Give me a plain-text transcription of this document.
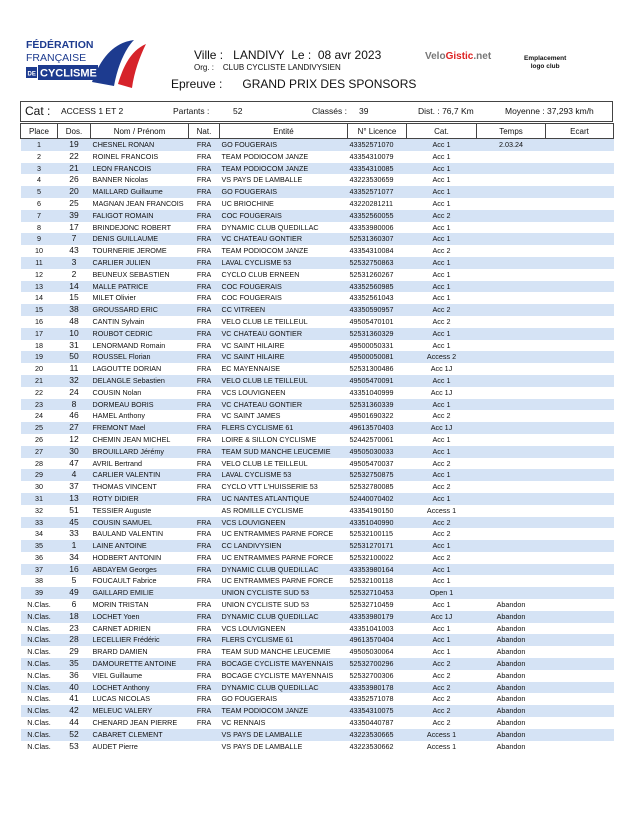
FÉDÉRATION
FRANÇAISE
DE CYCLISME
Ville : LANDIVY Le : 08 avr 2023
Org. : CLUB CYCLISTE LANDIVYSIEN
Epreuve : GRAND PRIX DES SPONSORS
VeloGistic.net	Emplacement
logo club
Cat : ACCESS 1 ET 2	Partants :	52	Classés : 39	Dist. : 76,7 Km	Moyenne : 37,293 km/h
Place	Dos.	Nom / Prénom	Nat.	Entité	N° Licence	Cat.	Temps	Ecart
1	19	CHESNEL RONAN	FRA	GO FOUGERAIS	43352571070	Acc 1	2.03.24	
2	22	ROINEL FRANCOIS	FRA	TEAM PODIOCOM JANZE	43354310079	Acc 1		
3	21	LEON FRANCOIS	FRA	TEAM PODIOCOM JANZE	43354310085	Acc 1		
4	26	BANNER Nicolas	FRA	VS PAYS DE LAMBALLE	43223530659	Acc 1		
5	20	MAILLARD Guillaume	FRA	GO FOUGERAIS	43352571077	Acc 1		
6	25	MAGNAN JEAN FRANCOIS	FRA	UC BRIOCHINE	43220281211	Acc 1		
7	39	FALIGOT ROMAIN	FRA	COC FOUGERAIS	43352560055	Acc 2		
8	17	BRINDEJONC ROBERT	FRA	DYNAMIC CLUB QUEDILLAC	43353980006	Acc 1		
9	7	DENIS GUILLAUME	FRA	VC CHATEAU GONTIER	52531360307	Acc 1		
10	43	TOURNERIE JEROME	FRA	TEAM PODIOCOM JANZE	43354310084	Acc 2		
11	3	CARLIER JULIEN	FRA	LAVAL CYCLISME 53	52532750863	Acc 1		
12	2	BEUNEUX SEBASTIEN	FRA	CYCLO CLUB ERNEEN	52531260267	Acc 1		
13	14	MALLE PATRICE	FRA	COC FOUGERAIS	43352560985	Acc 1		
14	15	MILET Olivier	FRA	COC FOUGERAIS	43352561043	Acc 1		
15	38	GROUSSARD ERIC	FRA	CC VITREEN	43350590957	Acc 2		
16	48	CANTIN Sylvain	FRA	VELO CLUB LE TEILLEUL	49505470101	Acc 2		
17	10	ROUBOT CEDRIC	FRA	VC CHATEAU GONTIER	52531360329	Acc 1		
18	31	LENORMAND Romain	FRA	VC SAINT HILAIRE	49500050331	Acc 1		
19	50	ROUSSEL Florian	FRA	VC SAINT HILAIRE	49500050081	Access 2		
20	11	LAGOUTTE DORIAN	FRA	EC MAYENNAISE	52531300486	Acc 1J		
21	32	DELANGLE Sebastien	FRA	VELO CLUB LE TEILLEUL	49505470091	Acc 1		
22	24	COUSIN Nolan	FRA	VCS LOUVIGNEEN	43351040999	Acc 1J		
23	8	DORMEAU BORIS	FRA	VC CHATEAU GONTIER	52531360339	Acc 1		
24	46	HAMEL Anthony	FRA	VC SAINT JAMES	49501690322	Acc 2		
25	27	FREMONT Mael	FRA	FLERS CYCLISME 61	49613570403	Acc 1J		
26	12	CHEMIN JEAN MICHEL	FRA	LOIRE & SILLON CYCLISME	52442570061	Acc 1		
27	30	BROUILLARD Jérémy	FRA	TEAM SUD MANCHE LEUCEMIE	49505030033	Acc 1		
28	47	AVRIL Bertrand	FRA	VELO CLUB LE TEILLEUL	49505470037	Acc 2		
29	4	CARLIER VALENTIN	FRA	LAVAL CYCLISME 53	52532750875	Acc 1		
30	37	THOMAS VINCENT	FRA	CYCLO VTT L'HUISSERIE 53	52532780085	Acc 2		
31	13	ROTY DIDIER	FRA	UC NANTES ATLANTIQUE	52440070402	Acc 1		
32	51	TESSIER Auguste		AS ROMILLE CYCLISME	43354190150	Access 1		
33	45	COUSIN SAMUEL	FRA	VCS LOUVIGNEEN	43351040990	Acc 2		
34	33	BAULAND VALENTIN	FRA	UC ENTRAMMES PARNE FORCE	52532100115	Acc 2		
35	1	LAINE ANTOINE	FRA	CC LANDIVYSIEN	52531270171	Acc 1		
36	34	HODBERT ANTONIN	FRA	UC ENTRAMMES PARNE FORCE	52532100022	Acc 2		
37	16	ABDAYEM Georges	FRA	DYNAMIC CLUB QUEDILLAC	43353980164	Acc 1		
38	5	FOUCAULT Fabrice	FRA	UC ENTRAMMES PARNE FORCE	52532100118	Acc 1		
39	49	GAILLARD EMILIE		UNION CYCLISTE SUD 53	52532710453	Open 1		
N.Clas.	6	MORIN TRISTAN	FRA	UNION CYCLISTE SUD 53	52532710459	Acc 1	Abandon	
N.Clas.	18	LOCHET Yoen	FRA	DYNAMIC CLUB QUEDILLAC	43353980179	Acc 1J	Abandon	
N.Clas.	23	CARNET ADRIEN	FRA	VCS LOUVIGNEEN	43351041003	Acc 1	Abandon	
N.Clas.	28	LECELLIER Frédéric	FRA	FLERS CYCLISME 61	49613570404	Acc 1	Abandon	
N.Clas.	29	BRARD DAMIEN	FRA	TEAM SUD MANCHE LEUCEMIE	49505030064	Acc 1	Abandon	
N.Clas.	35	DAMOURETTE ANTOINE	FRA	BOCAGE CYCLISTE MAYENNAIS	52532700296	Acc 2	Abandon	
N.Clas.	36	VIEL Guillaume	FRA	BOCAGE CYCLISTE MAYENNAIS	52532700306	Acc 2	Abandon	
N.Clas.	40	LOCHET Anthony	FRA	DYNAMIC CLUB QUEDILLAC	43353980178	Acc 2	Abandon	
N.Clas.	41	LUCAS NICOLAS	FRA	GO FOUGERAIS	43352571078	Acc 2	Abandon	
N.Clas.	42	MELEUC VALERY	FRA	TEAM PODIOCOM JANZE	43354310075	Acc 2	Abandon	
N.Clas.	44	CHENARD JEAN PIERRE	FRA	VC RENNAIS	43350440787	Acc 2	Abandon	
N.Clas.	52	CABARET CLEMENT		VS PAYS DE LAMBALLE	43223530665	Access 1	Abandon	
N.Clas.	53	AUDET Pierre		VS PAYS DE LAMBALLE	43223530662	Access 1	Abandon	
